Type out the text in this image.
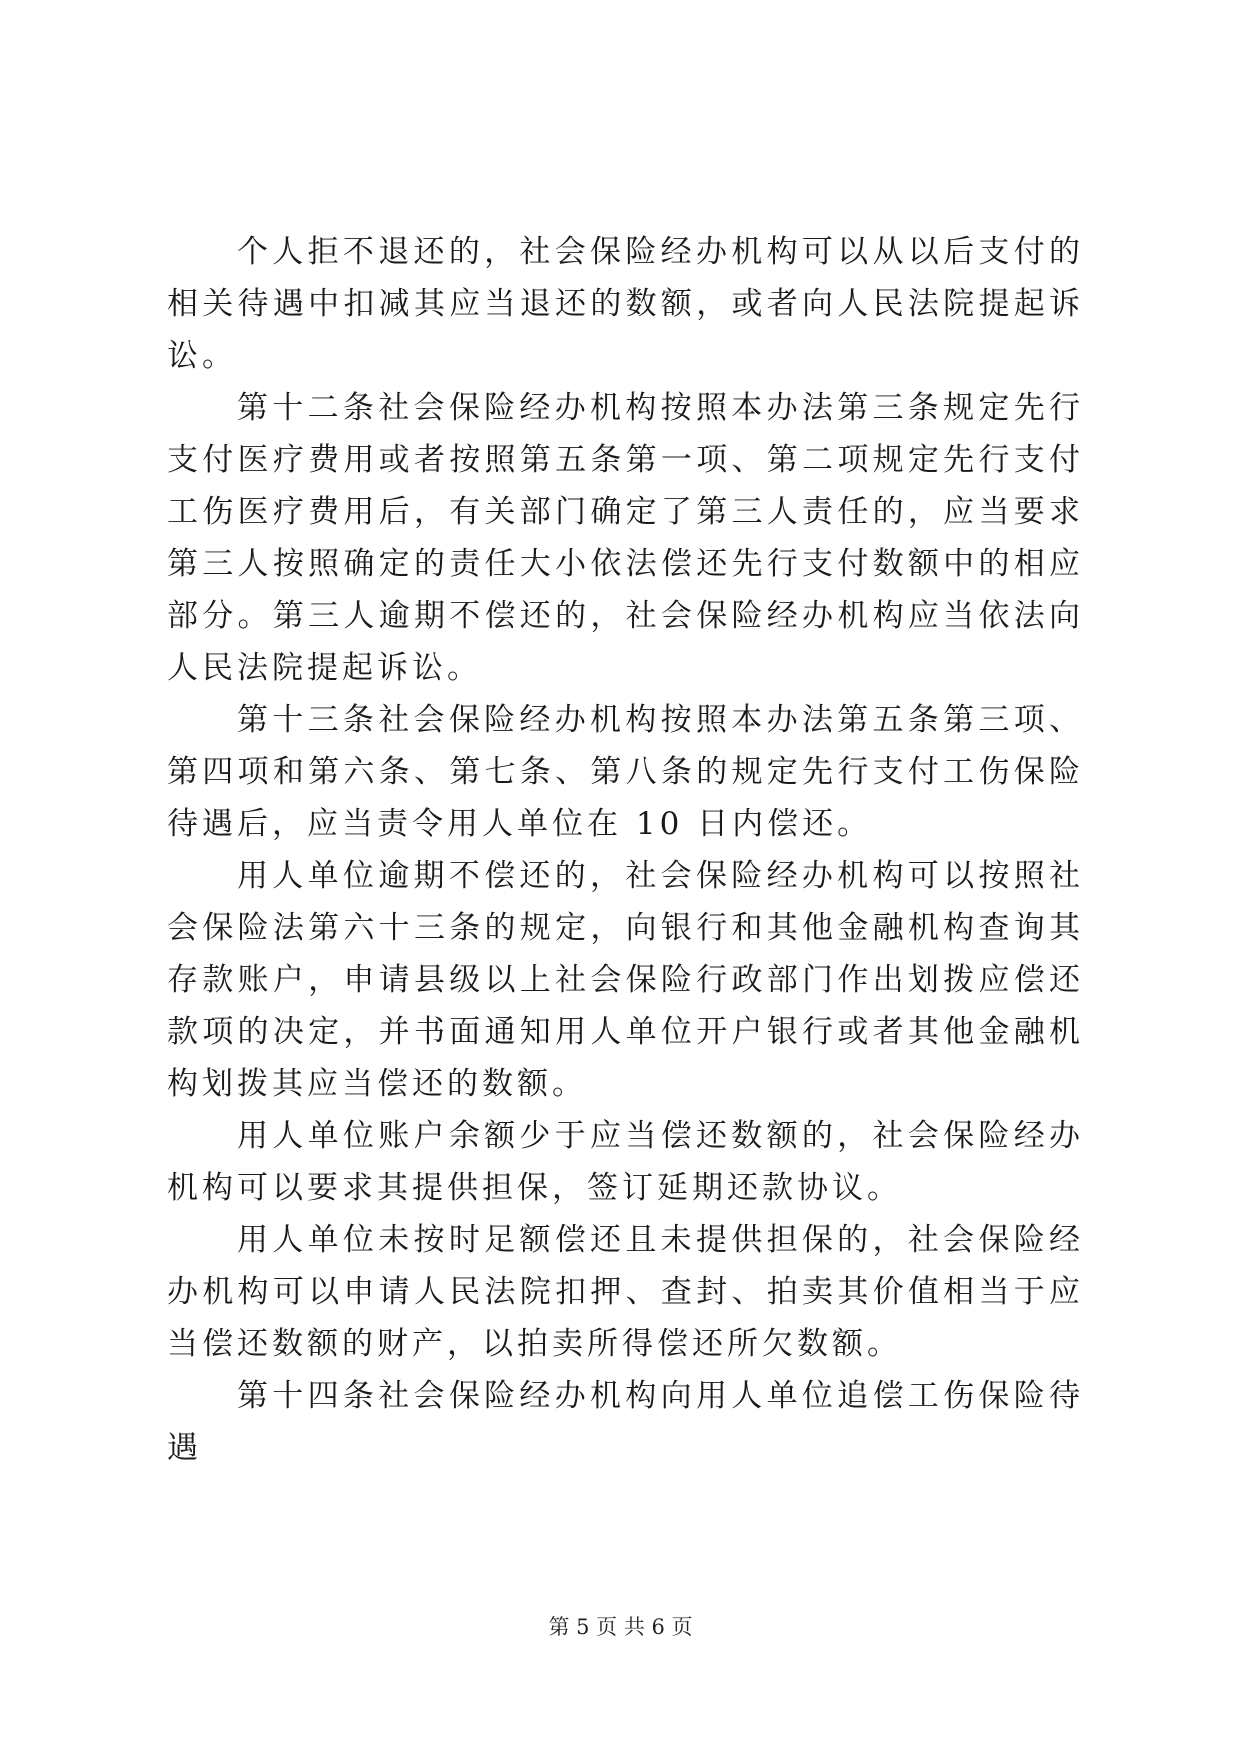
个人拒不退还的，社会保险经办机构可以从以后支付的相关待遇中扣减其应当退还的数额，或者向人民法院提起诉讼。

第十二条社会保险经办机构按照本办法第三条规定先行支付医疗费用或者按照第五条第一项、第二项规定先行支付工伤医疗费用后，有关部门确定了第三人责任的，应当要求第三人按照确定的责任大小依法偿还先行支付数额中的相应部分。第三人逾期不偿还的，社会保险经办机构应当依法向人民法院提起诉讼。

第十三条社会保险经办机构按照本办法第五条第三项、第四项和第六条、第七条、第八条的规定先行支付工伤保险待遇后，应当责令用人单位在 10 日内偿还。

用人单位逾期不偿还的，社会保险经办机构可以按照社会保险法第六十三条的规定，向银行和其他金融机构查询其存款账户，申请县级以上社会保险行政部门作出划拨应偿还款项的决定，并书面通知用人单位开户银行或者其他金融机构划拨其应当偿还的数额。

用人单位账户余额少于应当偿还数额的，社会保险经办机构可以要求其提供担保，签订延期还款协议。

用人单位未按时足额偿还且未提供担保的，社会保险经办机构可以申请人民法院扣押、查封、拍卖其价值相当于应当偿还数额的财产，以拍卖所得偿还所欠数额。

第十四条社会保险经办机构向用人单位追偿工伤保险待遇

第 5 页 共 6 页
